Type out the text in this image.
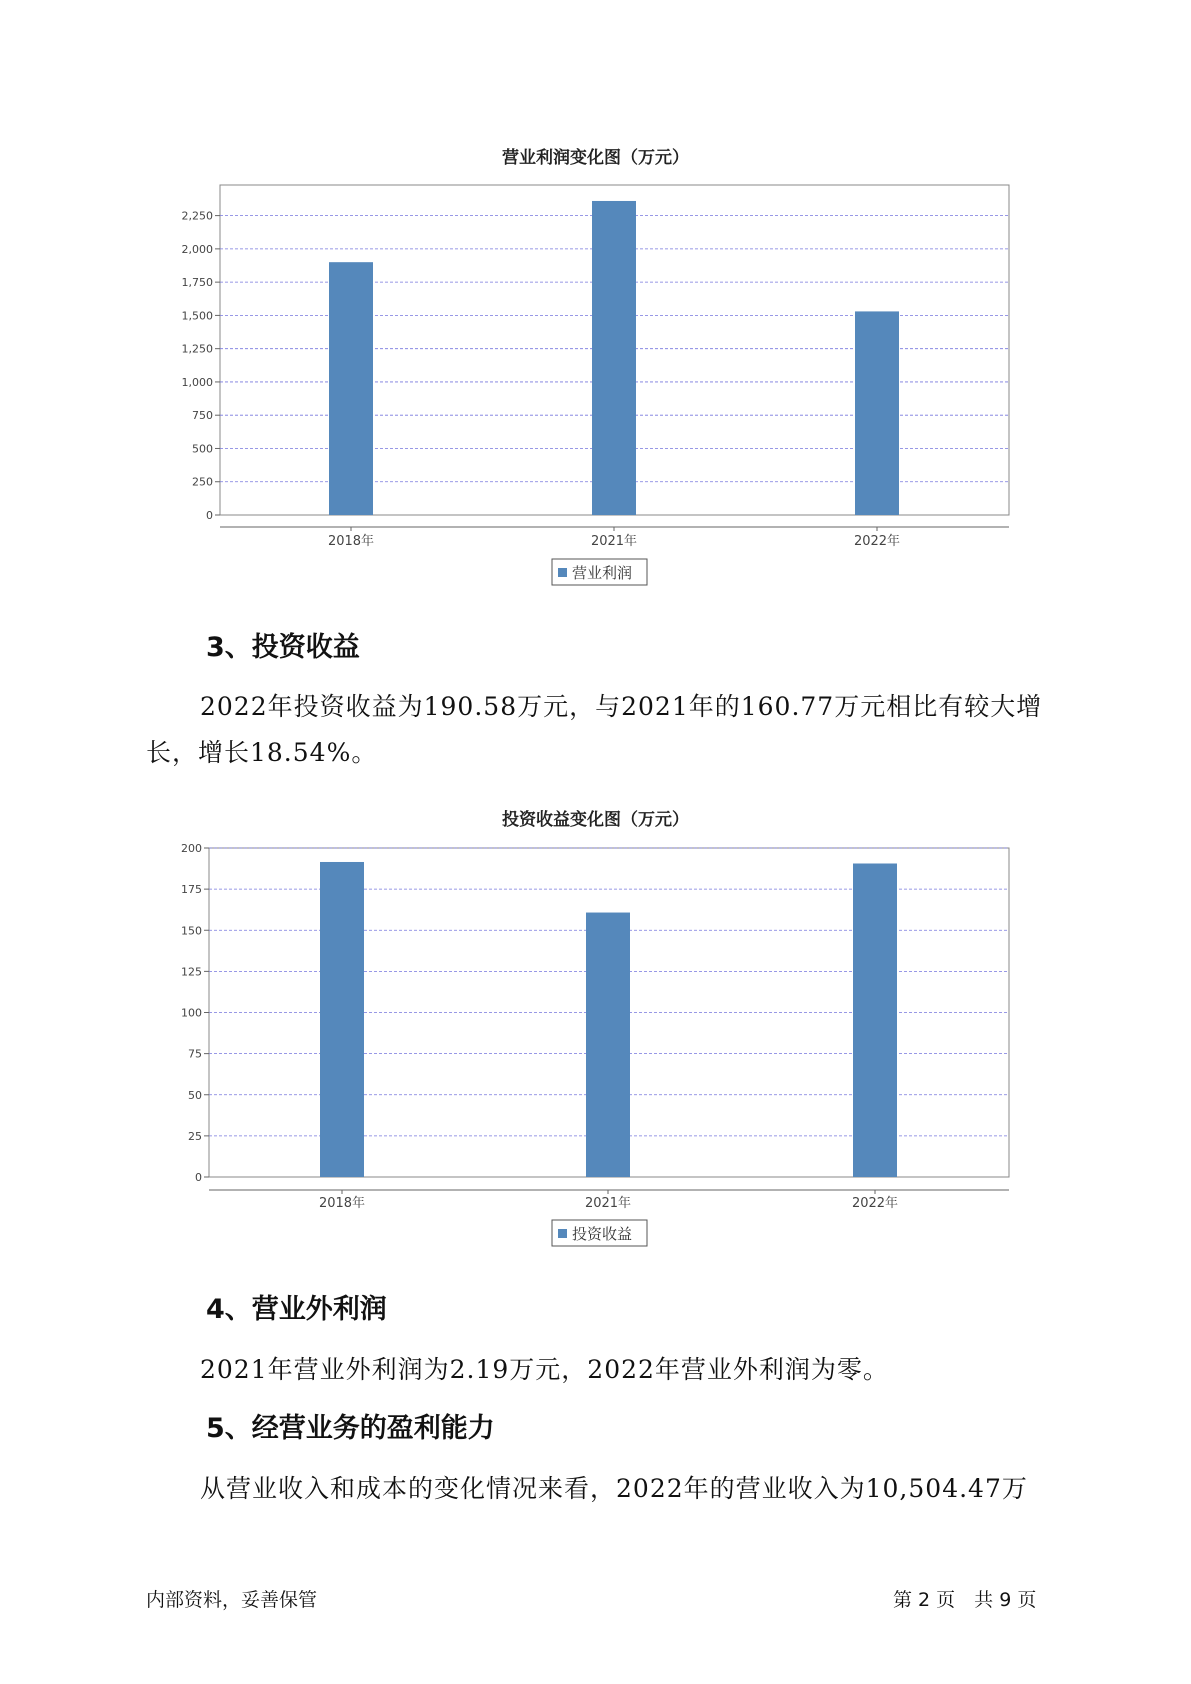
营业利润变化图（万元）
0
250
500
750
1,000
1,250
1,500
1,750
2,000
2,250
2018年	2021年	2022年
营业利润
3、投资收益
2022年投资收益为190.58万元，与2021年的160.77万元相比有较大增
长，增长18.54%。
投资收益变化图（万元）
0
25
50
75
100
125
150
175
200
2018年	2021年	2022年
投资收益
4、营业外利润
2021年营业外利润为2.19万元，2022年营业外利润为零。
5、经营业务的盈利能力
从营业收入和成本的变化情况来看，2022年的营业收入为10,504.47万
内部资料，妥善保管	第 2 页　共 9 页
